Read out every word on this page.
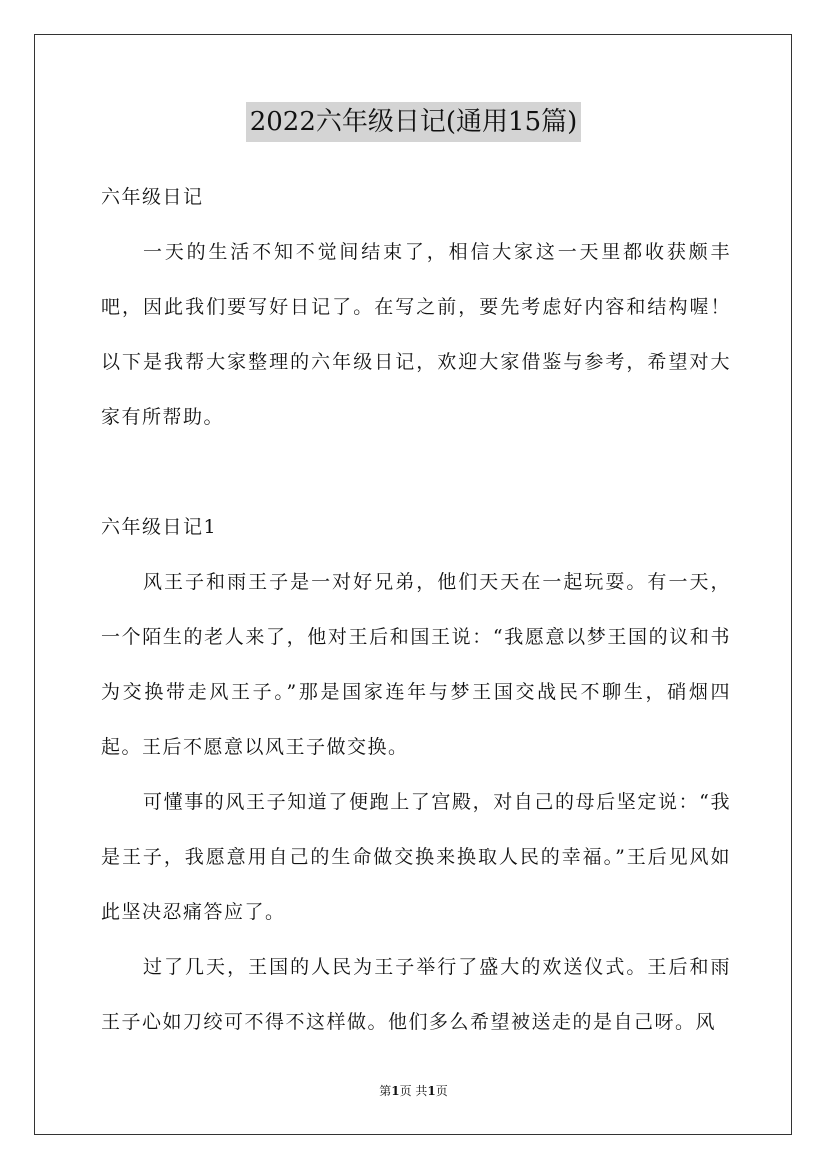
2022六年级日记(通用15篇)

六年级日记

一天的生活不知不觉间结束了，相信大家这一天里都收获颇丰吧，因此我们要写好日记了。在写之前，要先考虑好内容和结构喔！以下是我帮大家整理的六年级日记，欢迎大家借鉴与参考，希望对大家有所帮助。

六年级日记1

风王子和雨王子是一对好兄弟，他们天天在一起玩耍。有一天，一个陌生的老人来了，他对王后和国王说：“我愿意以梦王国的议和书为交换带走风王子。”那是国家连年与梦王国交战民不聊生，硝烟四起。王后不愿意以风王子做交换。

可懂事的风王子知道了便跑上了宫殿，对自己的母后坚定说：“我是王子，我愿意用自己的生命做交换来换取人民的幸福。”王后见风如此坚决忍痛答应了。

过了几天，王国的人民为王子举行了盛大的欢送仪式。王后和雨王子心如刀绞可不得不这样做。他们多么希望被送走的是自己呀。风

第1页 共1页
